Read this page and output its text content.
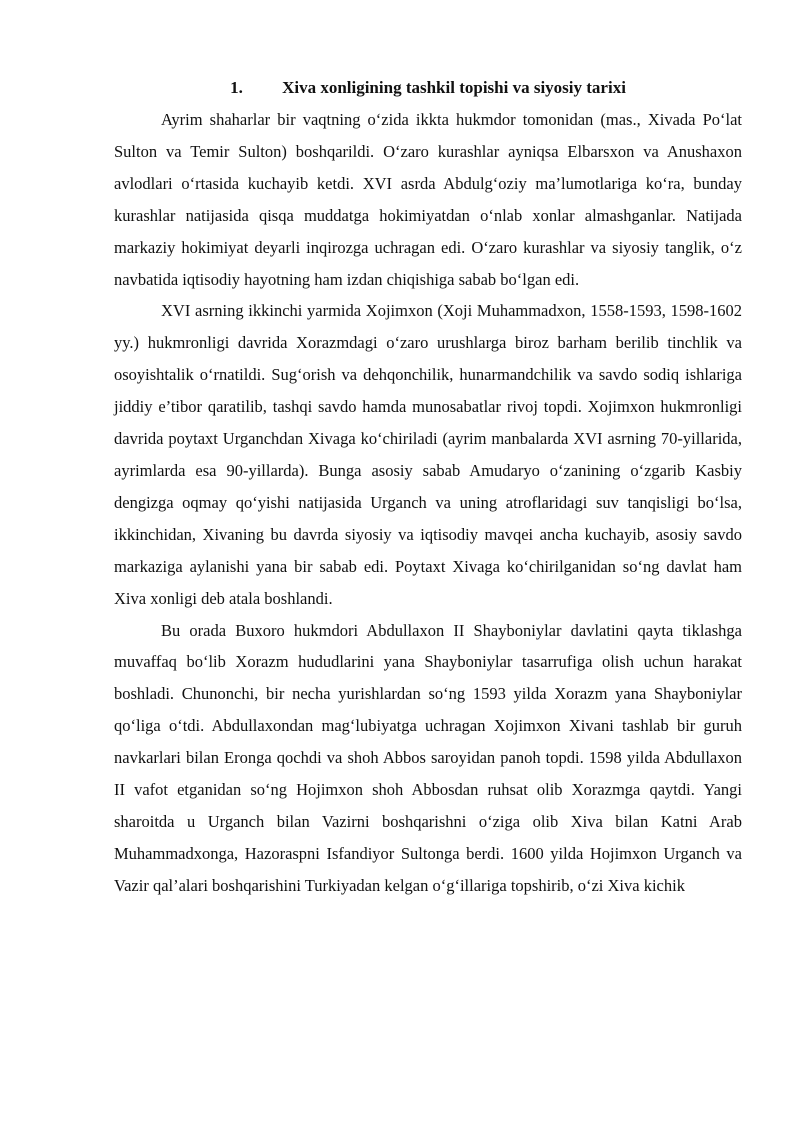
1. Xiva xonligining tashkil topishi va siyosiy tarixi

Ayrim shaharlar bir vaqtning o‘zida ikkta hukmdor tomonidan (mas., Xivada Po‘lat Sulton va Temir Sulton) boshqarildi. O‘zaro kurashlar ayniqsa Elbarsxon va Anushaxon avlodlari o‘rtasida kuchayib ketdi. XVI asrda Abdulg‘oziy ma’lumotlariga ko‘ra, bunday kurashlar natijasida qisqa muddatga hokimiyatdan o‘nlab xonlar almashganlar. Natijada markaziy hokimiyat deyarli inqirozga uchragan edi. O‘zaro kurashlar va siyosiy tanglik, o‘z navbatida iqtisodiy hayotning ham izdan chiqishiga sabab bo‘lgan edi.

XVI asrning ikkinchi yarmida Xojimxon (Xoji Muhammadxon, 1558-1593, 1598-1602 yy.) hukmronligi davrida Xorazmdagi o‘zaro urushlarga biroz barham berilib tinchlik va osoyishtalik o‘rnatildi. Sug‘orish va dehqonchilik, hunarmandchilik va savdo sodiq ishlariga jiddiy e’tibor qaratilib, tashqi savdo hamda munosabatlar rivoj topdi. Xojimxon hukmronligi davrida poytaxt Urganchdan Xivaga ko‘chiriladi (ayrim manbalarda XVI asrning 70-yillarida, ayrimlarda esa 90-yillarda). Bunga asosiy sabab Amudaryo o‘zanining o‘zgarib Kasbiy dengizga oqmay qo‘yishi natijasida Urganch va uning atroflaridagi suv tanqisligi bo‘lsa, ikkinchidan, Xivaning bu davrda siyosiy va iqtisodiy mavqei ancha kuchayib, asosiy savdo markaziga aylanishi yana bir sabab edi. Poytaxt Xivaga ko‘chirilganidan so‘ng davlat ham Xiva xonligi deb atala boshlandi.

Bu orada Buxoro hukmdori Abdullaxon II Shayboniylar davlatini qayta tiklashga muvaffaq bo‘lib Xorazm hududlarini yana Shayboniylar tasarrufiga olish uchun harakat boshladi. Chunonchi, bir necha yurishlardan so‘ng 1593 yilda Xorazm yana Shayboniylar qo‘liga o‘tdi. Abdullaxondan mag‘lubiyatga uchragan Xojimxon Xivani tashlab bir guruh navkarlari bilan Eronga qochdi va shoh Abbos saroyidan panoh topdi. 1598 yilda Abdullaxon II vafot etganidan so‘ng Hojimxon shoh Abbosdan ruhsat olib Xorazmga qaytdi. Yangi sharoitda u Urganch bilan Vazirni boshqarishni o‘ziga olib Xiva bilan Katni Arab Muhammadxonga, Hazoraspni Isfandiyor Sultonga berdi. 1600 yilda Hojimxon Urganch va Vazir qal’alari boshqarishini Turkiyadan kelgan o‘g‘illariga topshirib, o‘zi Xiva kichik
